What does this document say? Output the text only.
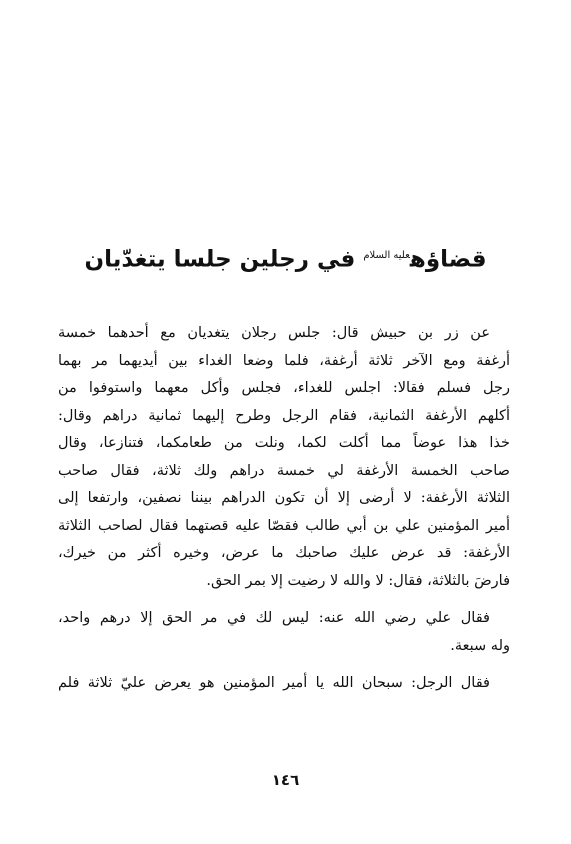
قضاؤه$^{عليه السلام}$ في رجلين جلسا يتغدّيان
عن زر بن حبيش قال: جلس رجلان يتغديان مع أحدهما خمسة
أرغفة ومع الآخر ثلاثة أرغفة، فلما وضعا الغداء بين أيديهما مر بهما
رجل فسلم فقالا: اجلس للغداء، فجلس وأكل معهما واستوفوا من
أكلهم الأرغفة الثمانية، فقام الرجل وطرح إليهما ثمانية دراهم وقال:
خذا هذا عوضاً مما أكلت لكما، ونلت من طعامكما، فتنازعا، وقال
صاحب الخمسة الأرغفة لي خمسة دراهم ولك ثلاثة، فقال صاحب
الثلاثة الأرغفة: لا أرضى إلا أن تكون الدراهم بيننا نصفين، وارتفعا إلى
أمير المؤمنين علي بن أبي طالب فقصّا عليه قصتهما فقال لصاحب الثلاثة
الأرغفة: قد عرض عليك صاحبك ما عرض، وخيره أكثر من خيرك،
فارضَ بالثلاثة، فقال: لا والله لا رضيت إلا بمر الحق.
فقال علي رضي الله عنه: ليس لك في مر الحق إلا درهم واحد،
وله سبعة.
فقال الرجل: سبحان الله يا أمير المؤمنين هو يعرض عليّ ثلاثة فلم
١٤٦
